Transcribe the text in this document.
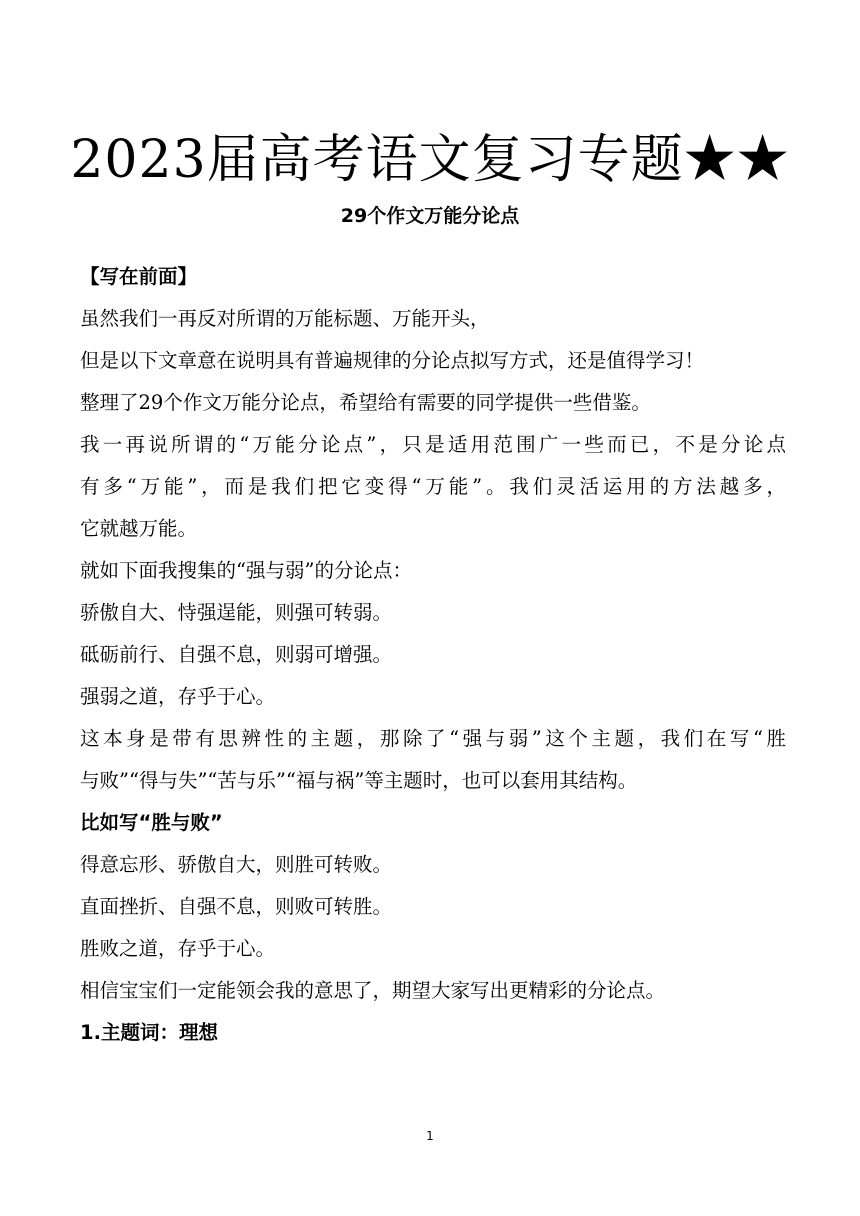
2023届高考语文复习专题★★
29个作文万能分论点
【写在前面】
虽然我们一再反对所谓的万能标题、万能开头，
但是以下文章意在说明具有普遍规律的分论点拟写方式，还是值得学习！
整理了29个作文万能分论点，希望给有需要的同学提供一些借鉴。
我一再说所谓的“万能分论点”，只是适用范围广一些而已，不是分论点
有多“万能”，而是我们把它变得“万能”。我们灵活运用的方法越多，
它就越万能。
就如下面我搜集的“强与弱”的分论点：
骄傲自大、恃强逞能，则强可转弱。
砥砺前行、自强不息，则弱可增强。
强弱之道，存乎于心。
这本身是带有思辨性的主题，那除了“强与弱”这个主题，我们在写“胜
与败”“得与失”“苦与乐”“福与祸”等主题时，也可以套用其结构。
比如写“胜与败”
得意忘形、骄傲自大，则胜可转败。
直面挫折、自强不息，则败可转胜。
胜败之道，存乎于心。
相信宝宝们一定能领会我的意思了，期望大家写出更精彩的分论点。
1.主题词：理想
1
